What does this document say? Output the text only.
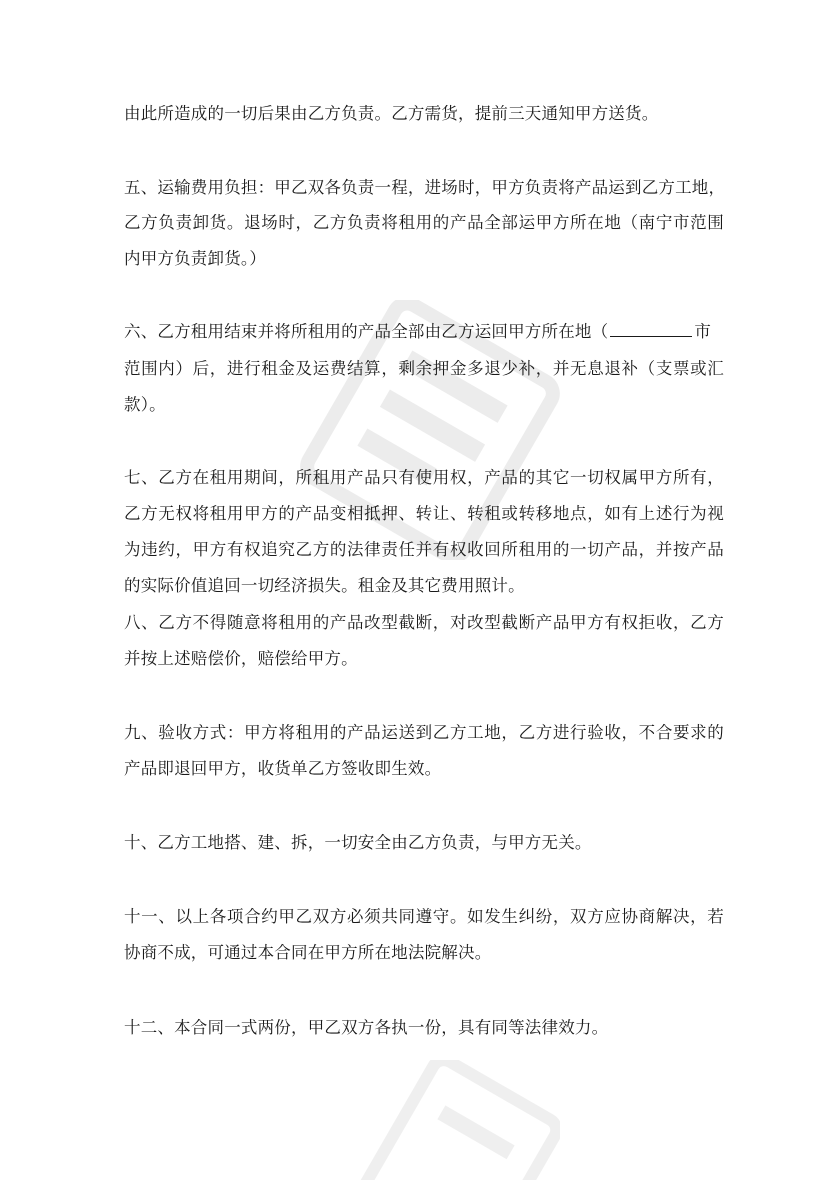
由此所造成的一切后果由乙方负责。乙方需货，提前三天通知甲方送货。
五、运输费用负担：甲乙双各负责一程，进场时，甲方负责将产品运到乙方工地，
乙方负责卸货。退场时，乙方负责将租用的产品全部运甲方所在地（南宁市范围
内甲方负责卸货。）
六、乙方租用结束并将所租用的产品全部由乙方运回甲方所在地（	市
范围内）后，进行租金及运费结算，剩余押金多退少补，并无息退补（支票或汇
款）。
七、乙方在租用期间，所租用产品只有使用权，产品的其它一切权属甲方所有，
乙方无权将租用甲方的产品变相抵押、转让、转租或转移地点，如有上述行为视
为违约，甲方有权追究乙方的法律责任并有权收回所租用的一切产品，并按产品
的实际价值追回一切经济损失。租金及其它费用照计。
八、乙方不得随意将租用的产品改型截断，对改型截断产品甲方有权拒收，乙方
并按上述赔偿价，赔偿给甲方。
九、验收方式：甲方将租用的产品运送到乙方工地，乙方进行验收，不合要求的
产品即退回甲方，收货单乙方签收即生效。
十、乙方工地搭、建、拆，一切安全由乙方负责，与甲方无关。
十一、以上各项合约甲乙双方必须共同遵守。如发生纠纷，双方应协商解决，若
协商不成，可通过本合同在甲方所在地法院解决。
十二、本合同一式两份，甲乙双方各执一份，具有同等法律效力。
